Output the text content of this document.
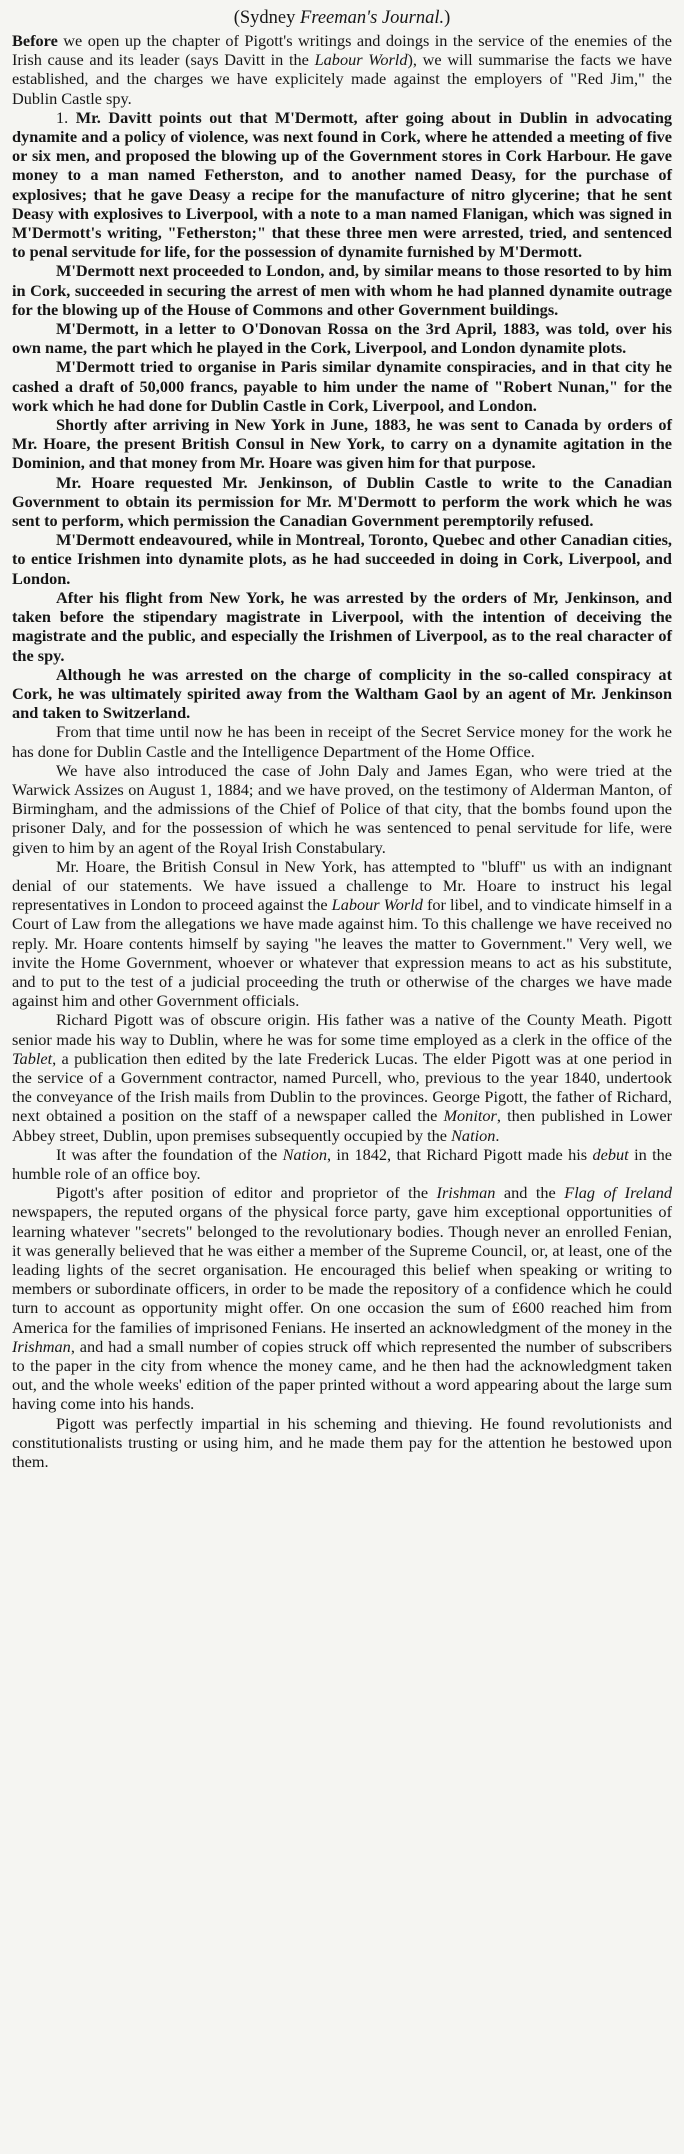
(Sydney Freeman's Journal.)

Before we open up the chapter of Pigott's writings and doings in the service of the enemies of the Irish cause and its leader (says Davitt in the Labour World), we will summarise the facts we have established, and the charges we have explicitely made against the employers of "Red Jim," the Dublin Castle spy.

1. Mr. Davitt points out that M'Dermott, after going about in Dublin in advocating dynamite and a policy of violence, was next found in Cork, where he attended a meeting of five or six men, and proposed the blowing up of the Government stores in Cork Harbour. He gave money to a man named Fetherston, and to another named Deasy, for the purchase of explosives; that he gave Deasy a recipe for the manufacture of nitro glycerine; that he sent Deasy with explosives to Liverpool, with a note to a man named Flanigan, which was signed in M'Dermott's writing, "Fetherston;" that these three men were arrested, tried, and sentenced to penal servitude for life, for the possession of dynamite furnished by M'Dermott.

M'Dermott next proceeded to London, and, by similar means to those resorted to by him in Cork, succeeded in securing the arrest of men with whom he had planned dynamite outrage for the blowing up of the House of Commons and other Government buildings.

M'Dermott, in a letter to O'Donovan Rossa on the 3rd April, 1883, was told, over his own name, the part which he played in the Cork, Liverpool, and London dynamite plots.

M'Dermott tried to organise in Paris similar dynamite conspiracies, and in that city he cashed a draft of 50,000 francs, payable to him under the name of "Robert Nunan," for the work which he had done for Dublin Castle in Cork, Liverpool, and London.

Shortly after arriving in New York in June, 1883, he was sent to Canada by orders of Mr. Hoare, the present British Consul in New York, to carry on a dynamite agitation in the Dominion, and that money from Mr. Hoare was given him for that purpose.

Mr. Hoare requested Mr. Jenkinson, of Dublin Castle to write to the Canadian Government to obtain its permission for Mr. M'Dermott to perform the work which he was sent to perform, which permission the Canadian Government peremptorily refused.

M'Dermott endeavoured, while in Montreal, Toronto, Quebec and other Canadian cities, to entice Irishmen into dynamite plots, as he had succeeded in doing in Cork, Liverpool, and London.

After his flight from New York, he was arrested by the orders of Mr, Jenkinson, and taken before the stipendary magistrate in Liverpool, with the intention of deceiving the magistrate and the public, and especially the Irishmen of Liverpool, as to the real character of the spy.

Although he was arrested on the charge of complicity in the so-called conspiracy at Cork, he was ultimately spirited away from the Waltham Gaol by an agent of Mr. Jenkinson and taken to Switzerland.

From that time until now he has been in receipt of the Secret Service money for the work he has done for Dublin Castle and the Intelligence Department of the Home Office.

We have also introduced the case of John Daly and James Egan, who were tried at the Warwick Assizes on August 1, 1884; and we have proved, on the testimony of Alderman Manton, of Birmingham, and the admissions of the Chief of Police of that city, that the bombs found upon the prisoner Daly, and for the possession of which he was sentenced to penal servitude for life, were given to him by an agent of the Royal Irish Constabulary.

Mr. Hoare, the British Consul in New York, has attempted to "bluff" us with an indignant denial of our statements. We have issued a challenge to Mr. Hoare to instruct his legal representatives in London to proceed against the Labour World for libel, and to vindicate himself in a Court of Law from the allegations we have made against him. To this challenge we have received no reply. Mr. Hoare contents himself by saying "he leaves the matter to Government." Very well, we invite the Home Government, whoever or whatever that expression means to act as his substitute, and to put to the test of a judicial proceeding the truth or otherwise of the charges we have made against him and other Government officials.

Richard Pigott was of obscure origin. His father was a native of the County Meath. Pigott senior made his way to Dublin, where he was for some time employed as a clerk in the office of the Tablet, a publication then edited by the late Frederick Lucas. The elder Pigott was at one period in the service of a Government contractor, named Purcell, who, previous to the year 1840, undertook the conveyance of the Irish mails from Dublin to the provinces. George Pigott, the father of Richard, next obtained a position on the staff of a newspaper called the Monitor, then published in Lower Abbey street, Dublin, upon premises subsequently occupied by the Nation.

It was after the foundation of the Nation, in 1842, that Richard Pigott made his debut in the humble role of an office boy.

Pigott's after position of editor and proprietor of the Irishman and the Flag of Ireland newspapers, the reputed organs of the physical force party, gave him exceptional opportunities of learning whatever "secrets" belonged to the revolutionary bodies. Though never an enrolled Fenian, it was generally believed that he was either a member of the Supreme Council, or, at least, one of the leading lights of the secret organisation. He encouraged this belief when speaking or writing to members or subordinate officers, in order to be made the repository of a confidence which he could turn to account as opportunity might offer. On one occasion the sum of £600 reached him from America for the families of imprisoned Fenians. He inserted an acknowledgment of the money in the Irishman, and had a small number of copies struck off which represented the number of subscribers to the paper in the city from whence the money came, and he then had the acknowledgment taken out, and the whole weeks' edition of the paper printed without a word appearing about the large sum having come into his hands.

Pigott was perfectly impartial in his scheming and thieving. He found revolutionists and constitutionalists trusting or using him, and he made them pay for the attention he bestowed upon them.
